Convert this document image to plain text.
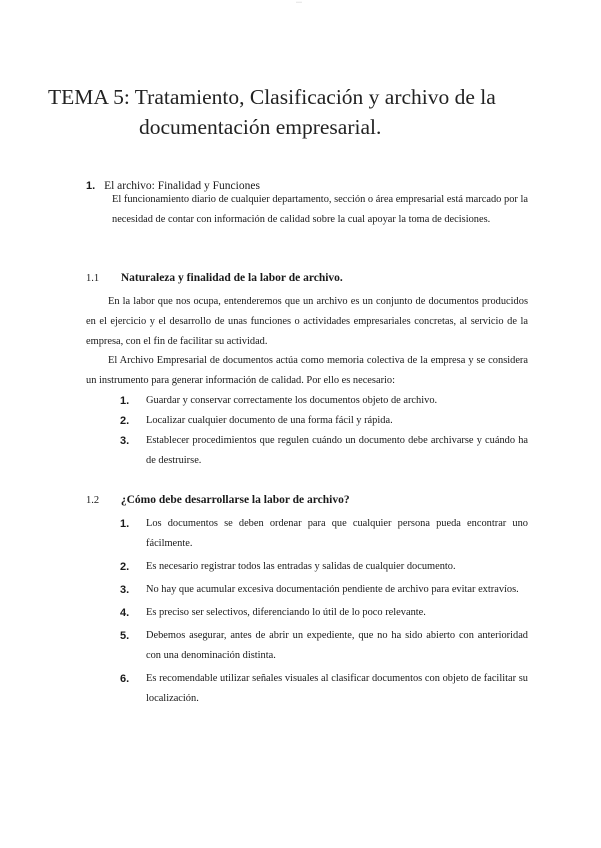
···
TEMA 5: Tratamiento, Clasificación y archivo de la
documentación empresarial.
1. El archivo: Finalidad y Funciones

El funcionamiento diario de cualquier departamento, sección o área empresarial está marcado por la necesidad de contar con información de calidad sobre la cual apoyar la toma de decisiones.

1.1 Naturaleza y finalidad de la labor de archivo.

En la labor que nos ocupa, entenderemos que un archivo es un conjunto de documentos producidos en el ejercicio y el desarrollo de unas funciones o actividades empresariales concretas, al servicio de la empresa, con el fin de facilitar su actividad.

El Archivo Empresarial de documentos actúa como memoria colectiva de la empresa y se considera un instrumento para generar información de calidad. Por ello es necesario:

1. Guardar y conservar correctamente los documentos objeto de archivo.
2. Localizar cualquier documento de una forma fácil y rápida.
3. Establecer procedimientos que regulen cuándo un documento debe archivarse y cuándo ha de destruirse.
1.2 ¿Cómo debe desarrollarse la labor de archivo?
1. Los documentos se deben ordenar para que cualquier persona pueda encontrar uno fácilmente.
2. Es necesario registrar todos las entradas y salidas de cualquier documento.
3. No hay que acumular excesiva documentación pendiente de archivo para evitar extravíos.
4. Es preciso ser selectivos, diferenciando lo útil de lo poco relevante.
5. Debemos asegurar, antes de abrir un expediente, que no ha sido abierto con anterioridad con una denominación distinta.
6. Es recomendable utilizar señales visuales al clasificar documentos con objeto de facilitar su localización.
